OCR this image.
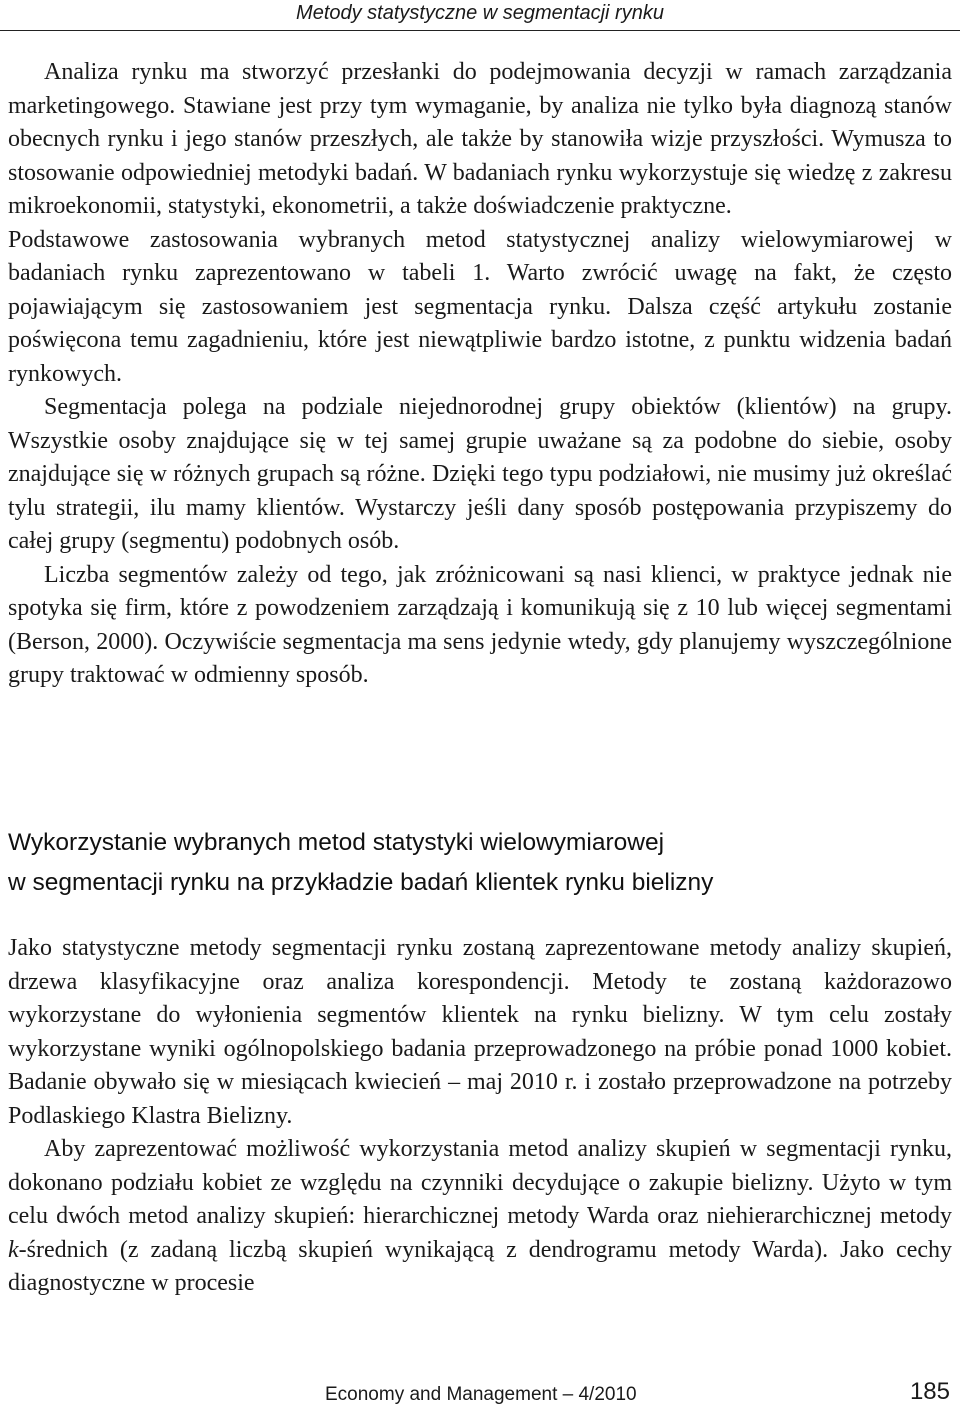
Metody statystyczne w segmentacji rynku

Analiza rynku ma stworzyć przesłanki do podejmowania decyzji w ramach zarządzania marketingowego. Stawiane jest przy tym wymaganie, by analiza nie tylko była diagnozą stanów obecnych rynku i jego stanów przeszłych, ale także by stanowiła wizje przyszłości. Wymusza to stosowanie odpowiedniej metodyki badań. W badaniach rynku wykorzystuje się wiedzę z zakresu mikroekonomii, statystyki, ekonometrii, a także doświadczenie praktyczne.

Podstawowe zastosowania wybranych metod statystycznej analizy wielowymiarowej w badaniach rynku zaprezentowano w tabeli 1. Warto zwrócić uwagę na fakt, że często pojawiającym się zastosowaniem jest segmentacja rynku. Dalsza część artykułu zostanie poświęcona temu zagadnieniu, które jest niewątpliwie bardzo istotne, z punktu widzenia badań rynkowych.

Segmentacja polega na podziale niejednorodnej grupy obiektów (klientów) na grupy. Wszystkie osoby znajdujące się w tej samej grupie uważane są za podobne do siebie, osoby znajdujące się w różnych grupach są różne. Dzięki tego typu podziałowi, nie musimy już określać tylu strategii, ilu mamy klientów. Wystarczy jeśli dany sposób postępowania przypiszemy do całej grupy (segmentu) podobnych osób.

Liczba segmentów zależy od tego, jak zróżnicowani są nasi klienci, w praktyce jednak nie spotyka się firm, które z powodzeniem zarządzają i komunikują się z 10 lub więcej segmentami (Berson, 2000). Oczywiście segmentacja ma sens jedynie wtedy, gdy planujemy wyszczególnione grupy traktować w odmienny sposób.

Wykorzystanie wybranych metod statystyki wielowymiarowej
w segmentacji rynku na przykładzie badań klientek rynku bielizny

Jako statystyczne metody segmentacji rynku zostaną zaprezentowane metody analizy skupień, drzewa klasyfikacyjne oraz analiza korespondencji. Metody te zostaną każdorazowo wykorzystane do wyłonienia segmentów klientek na rynku bielizny. W tym celu zostały wykorzystane wyniki ogólnopolskiego badania przeprowadzonego na próbie ponad 1000 kobiet. Badanie obywało się w miesiącach kwiecień – maj 2010 r. i zostało przeprowadzone na potrzeby Podlaskiego Klastra Bielizny.

Aby zaprezentować możliwość wykorzystania metod analizy skupień w segmentacji rynku, dokonano podziału kobiet ze względu na czynniki decydujące o zakupie bielizny. Użyto w tym celu dwóch metod analizy skupień: hierarchicznej metody Warda oraz niehierarchicznej metody k-średnich (z zadaną liczbą skupień wynikającą z dendrogramu metody Warda). Jako cechy diagnostyczne w procesie

Economy and Management – 4/2010	185
